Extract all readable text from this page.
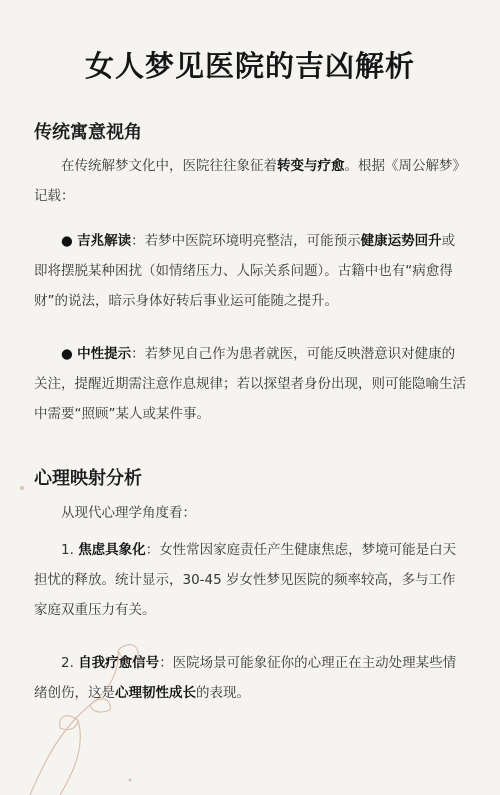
女人梦见医院的吉凶解析
传统寓意视角
在传统解梦文化中，医院往往象征着转变与疗愈。根据《周公解梦》记载：
● 吉兆解读：若梦中医院环境明亮整洁，可能预示健康运势回升或即将摆脱某种困扰（如情绪压力、人际关系问题）。古籍中也有“病愈得财”的说法，暗示身体好转后事业运可能随之提升。
● 中性提示：若梦见自己作为患者就医，可能反映潜意识对健康的关注，提醒近期需注意作息规律；若以探望者身份出现，则可能隐喻生活中需要“照顾”某人或某件事。
心理映射分析
从现代心理学角度看：
1. 焦虑具象化：女性常因家庭责任产生健康焦虑，梦境可能是白天担忧的释放。统计显示，30-45 岁女性梦见医院的频率较高，多与工作家庭双重压力有关。
2. 自我疗愈信号：医院场景可能象征你的心理正在主动处理某些情绪创伤，这是心理韧性成长的表现。
